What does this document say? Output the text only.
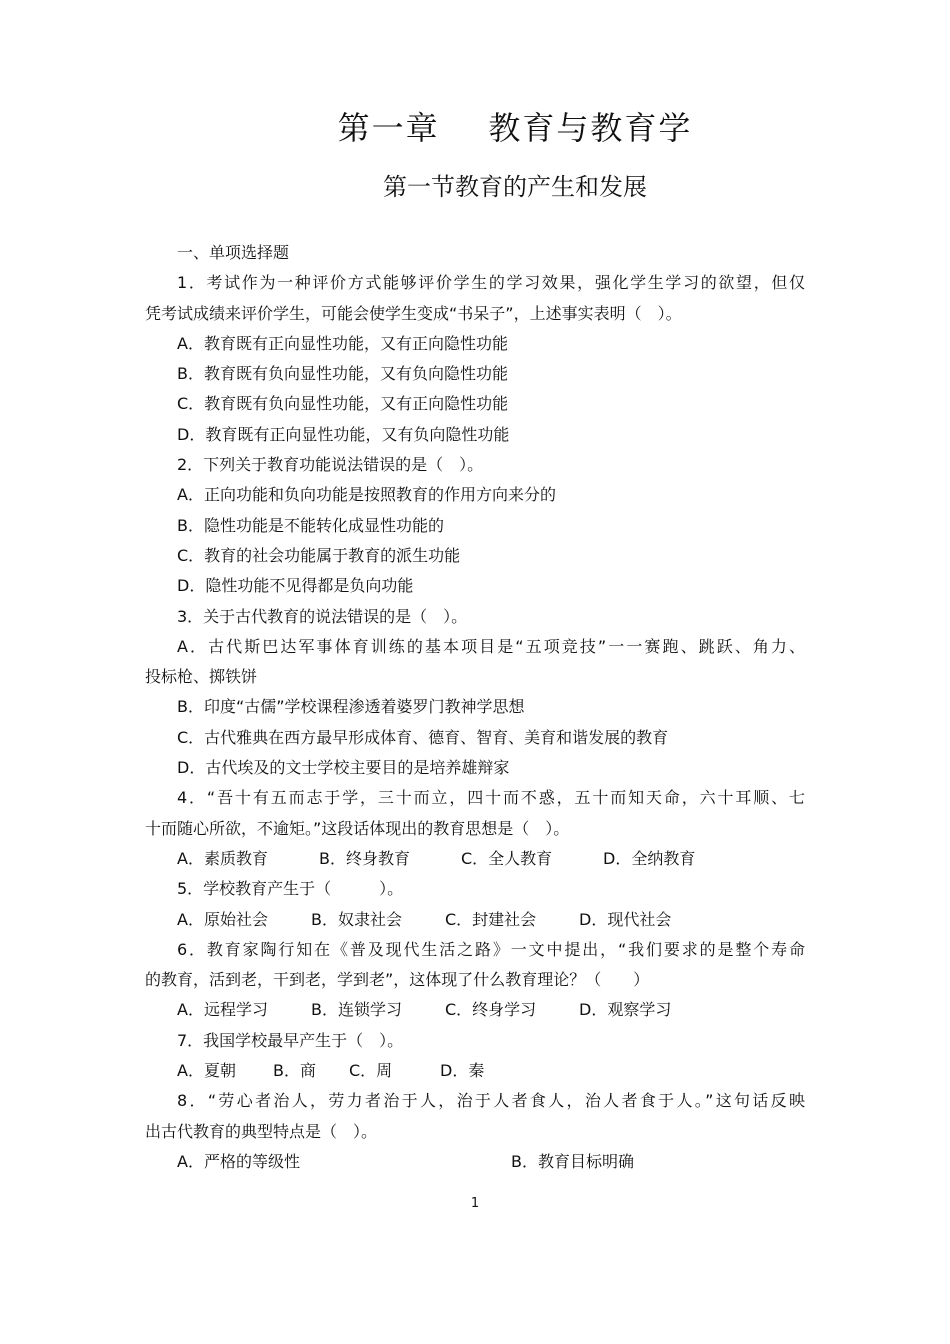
第一章    教育与教育学
第一节教育的产生和发展

一、单项选择题

1．考试作为一种评价方式能够评价学生的学习效果，强化学生学习的欲望，但仅

凭考试成绩来评价学生，可能会使学生变成“书呆子”，上述事实表明（　）。

A．教育既有正向显性功能，又有正向隐性功能

B．教育既有负向显性功能，又有负向隐性功能

C．教育既有负向显性功能，又有正向隐性功能

D．教育既有正向显性功能，又有负向隐性功能

2．下列关于教育功能说法错误的是（　）。

A．正向功能和负向功能是按照教育的作用方向来分的

B．隐性功能是不能转化成显性功能的

C．教育的社会功能属于教育的派生功能

D．隐性功能不见得都是负向功能

3．关于古代教育的说法错误的是（　）。

A．古代斯巴达军事体育训练的基本项目是“五项竞技”一一赛跑、跳跃、角力、

投标枪、掷铁饼

B．印度“古儒”学校课程渗透着婆罗门教神学思想

C．古代雅典在西方最早形成体育、德育、智育、美育和谐发展的教育

D．古代埃及的文士学校主要目的是培养雄辩家

4．“吾十有五而志于学，三十而立，四十而不惑，五十而知天命，六十耳顺、七

十而随心所欲，不逾矩。”这段话体现出的教育思想是（　）。

A．素质教育	B．终身教育	C．全人教育	D．全纳教育

5．学校教育产生于（　　　）。

A．原始社会	B．奴隶社会	C．封建社会	D．现代社会

6．教育家陶行知在《普及现代生活之路》一文中提出，“我们要求的是整个寿命

的教育，活到老，干到老，学到老”，这体现了什么教育理论？（　　）

A．远程学习	B．连锁学习	C．终身学习	D．观察学习

7．我国学校最早产生于（　）。

A．夏朝	B．商	C．周	D．秦

8．“劳心者治人，劳力者治于人，治于人者食人，治人者食于人。”这句话反映

出古代教育的典型特点是（　）。

A．严格的等级性	B．教育目标明确
1
